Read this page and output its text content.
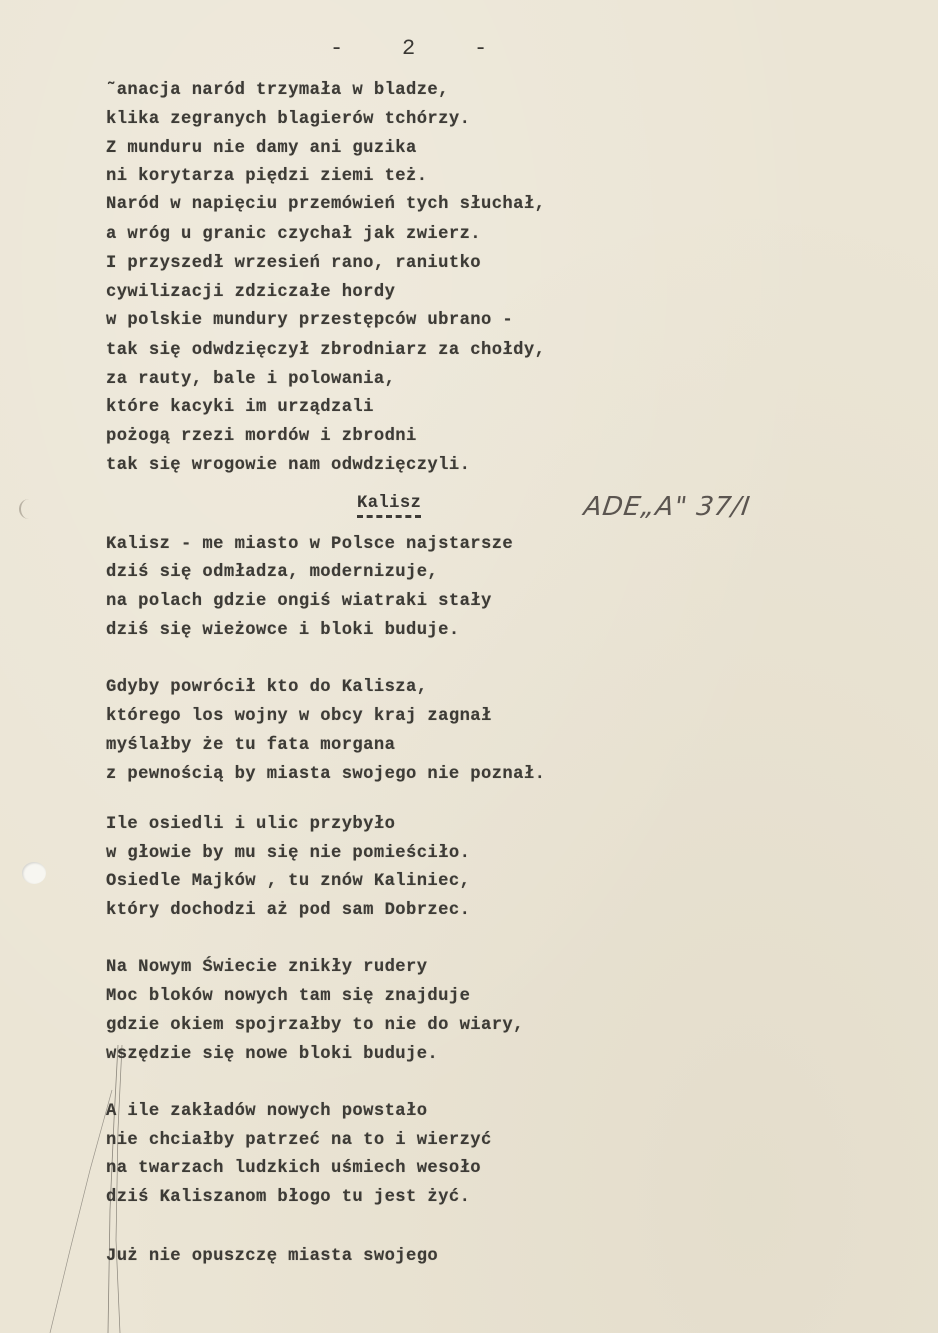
-	2	-
˜anacja naród trzymała w bladze,
klika zegranych blagierów tchórzy.
Z munduru nie damy ani guzika
ni korytarza piędzi ziemi też.
Naród w napięciu przemówień tych słuchał,
a wróg u granic czychał jak zwierz.
I przyszedł wrzesień rano, raniutko
cywilizacji zdziczałe hordy
w polskie mundury przestępców ubrano -
tak się odwdzięczył zbrodniarz za chołdy,
za rauty, bale i polowania,
które kacyki im urządzali
pożogą rzezi mordów i zbrodni
tak się wrogowie nam odwdzięczyli.
Kalisz	ADE„A" 37/I
Kalisz - me miasto w Polsce najstarsze
dziś się odmładza, modernizuje,
na polach gdzie ongiś wiatraki stały
dziś się wieżowce i bloki buduje.
Gdyby powrócił kto do Kalisza,
którego los wojny w obcy kraj zagnał
myślałby że tu fata morgana
z pewnością by miasta swojego nie poznał.
Ile osiedli i ulic przybyło
w głowie by mu się nie pomieściło.
Osiedle Majków , tu znów Kaliniec,
który dochodzi aż pod sam Dobrzec.
Na Nowym Świecie znikły rudery
Moc bloków nowych tam się znajduje
gdzie okiem spojrzałby to nie do wiary,
wszędzie się nowe bloki buduje.
A ile zakładów nowych powstało
nie chciałby patrzeć na to i wierzyć
na twarzach ludzkich uśmiech wesoło
dziś Kaliszanom błogo tu jest żyć.
Już nie opuszczę miasta swojego
